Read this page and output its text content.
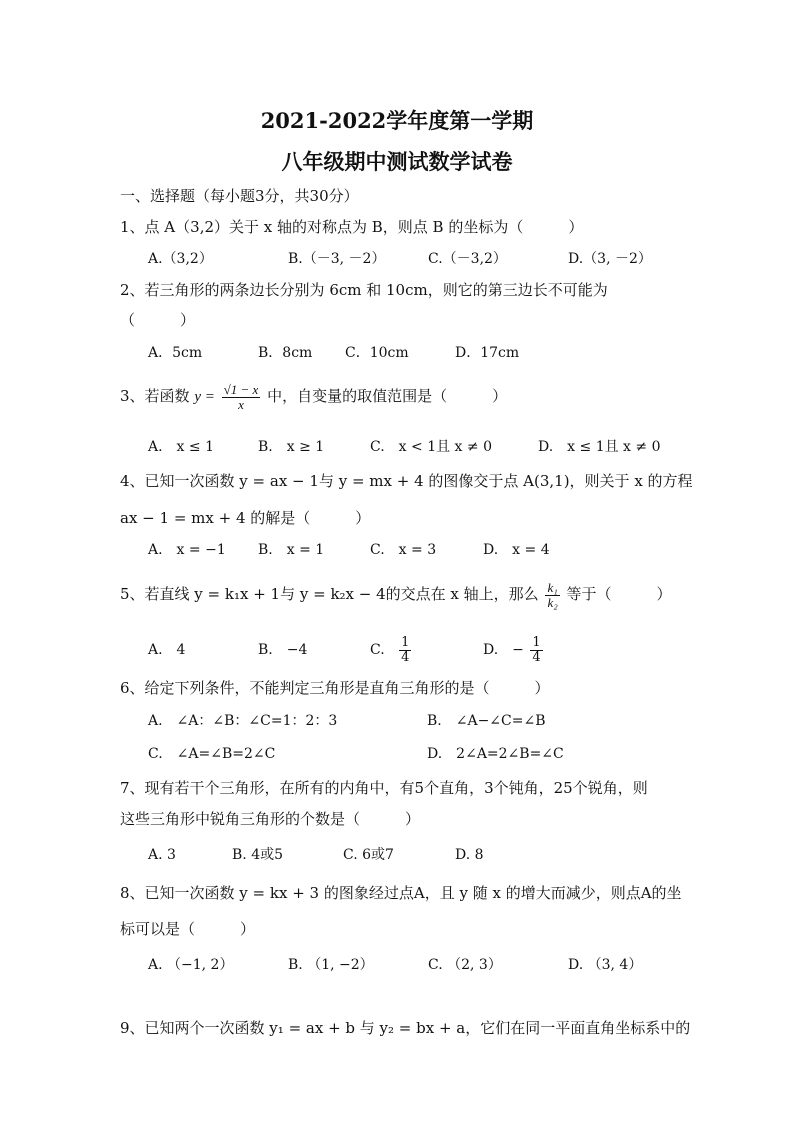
2021-2022学年度第一学期
八年级期中测试数学试卷
一、选择题（每小题3分，共30分）
1、点 A（3,2）关于 x 轴的对称点为 B，则点 B 的坐标为（　　　）
A.（3,2）	B.（－3, －2）	C.（－3,2）	D.（3, －2）
2、若三角形的两条边长分别为 6cm 和 10cm，则它的第三边长不可能为
（　　　）
A．5cm	B．8cm C．10cm	D．17cm
3、若函数 $y = \frac{√1 - x}{x}$ 中，自变量的取值范围是（　　　）
A.　x ≤ 1	B.　x ≥ 1	C.　x < 1且 x ≠ 0	D.　x ≤ 1且 x ≠ 0
4、已知一次函数 y = ax − 1与 y = mx + 4 的图像交于点 A(3,1)，则关于 x 的方程
ax − 1 = mx + 4 的解是（　　　）
A.　x = −1 B.　x = 1	C.　x = 3	D.　x = 4
5、若直线 y = k₁x + 1与 y = k₂x − 4的交点在 x 轴上，那么 $\frac{\text{k₁}}{\text{k₂}}$ 等于（　　　）
A.　4	B.　−4	C. $\frac{1}{4}$	D.　− $\frac{1}{4}$
6、给定下列条件，不能判定三角形是直角三角形的是（　　　）
A.　∠A：∠B：∠C=1：2：3	B.　∠A−∠C=∠B
C.　∠A=∠B=2∠C	D.　2∠A=2∠B=∠C
7、现有若干个三角形，在所有的内角中，有5个直角，3个钝角，25个锐角，则
这些三角形中锐角三角形的个数是（　　　）
A. 3	B. 4或5	C. 6或7	D. 8
8、已知一次函数 y = kx + 3 的图象经过点A，且 y 随 x 的增大而减少，则点A的坐
标可以是（　　　）
A. （−1, 2）	B. （1, −2）	C. （2, 3）	D. （3, 4）
9、已知两个一次函数 y₁ = ax + b 与 y₂ = bx + a，它们在同一平面直角坐标系中的
